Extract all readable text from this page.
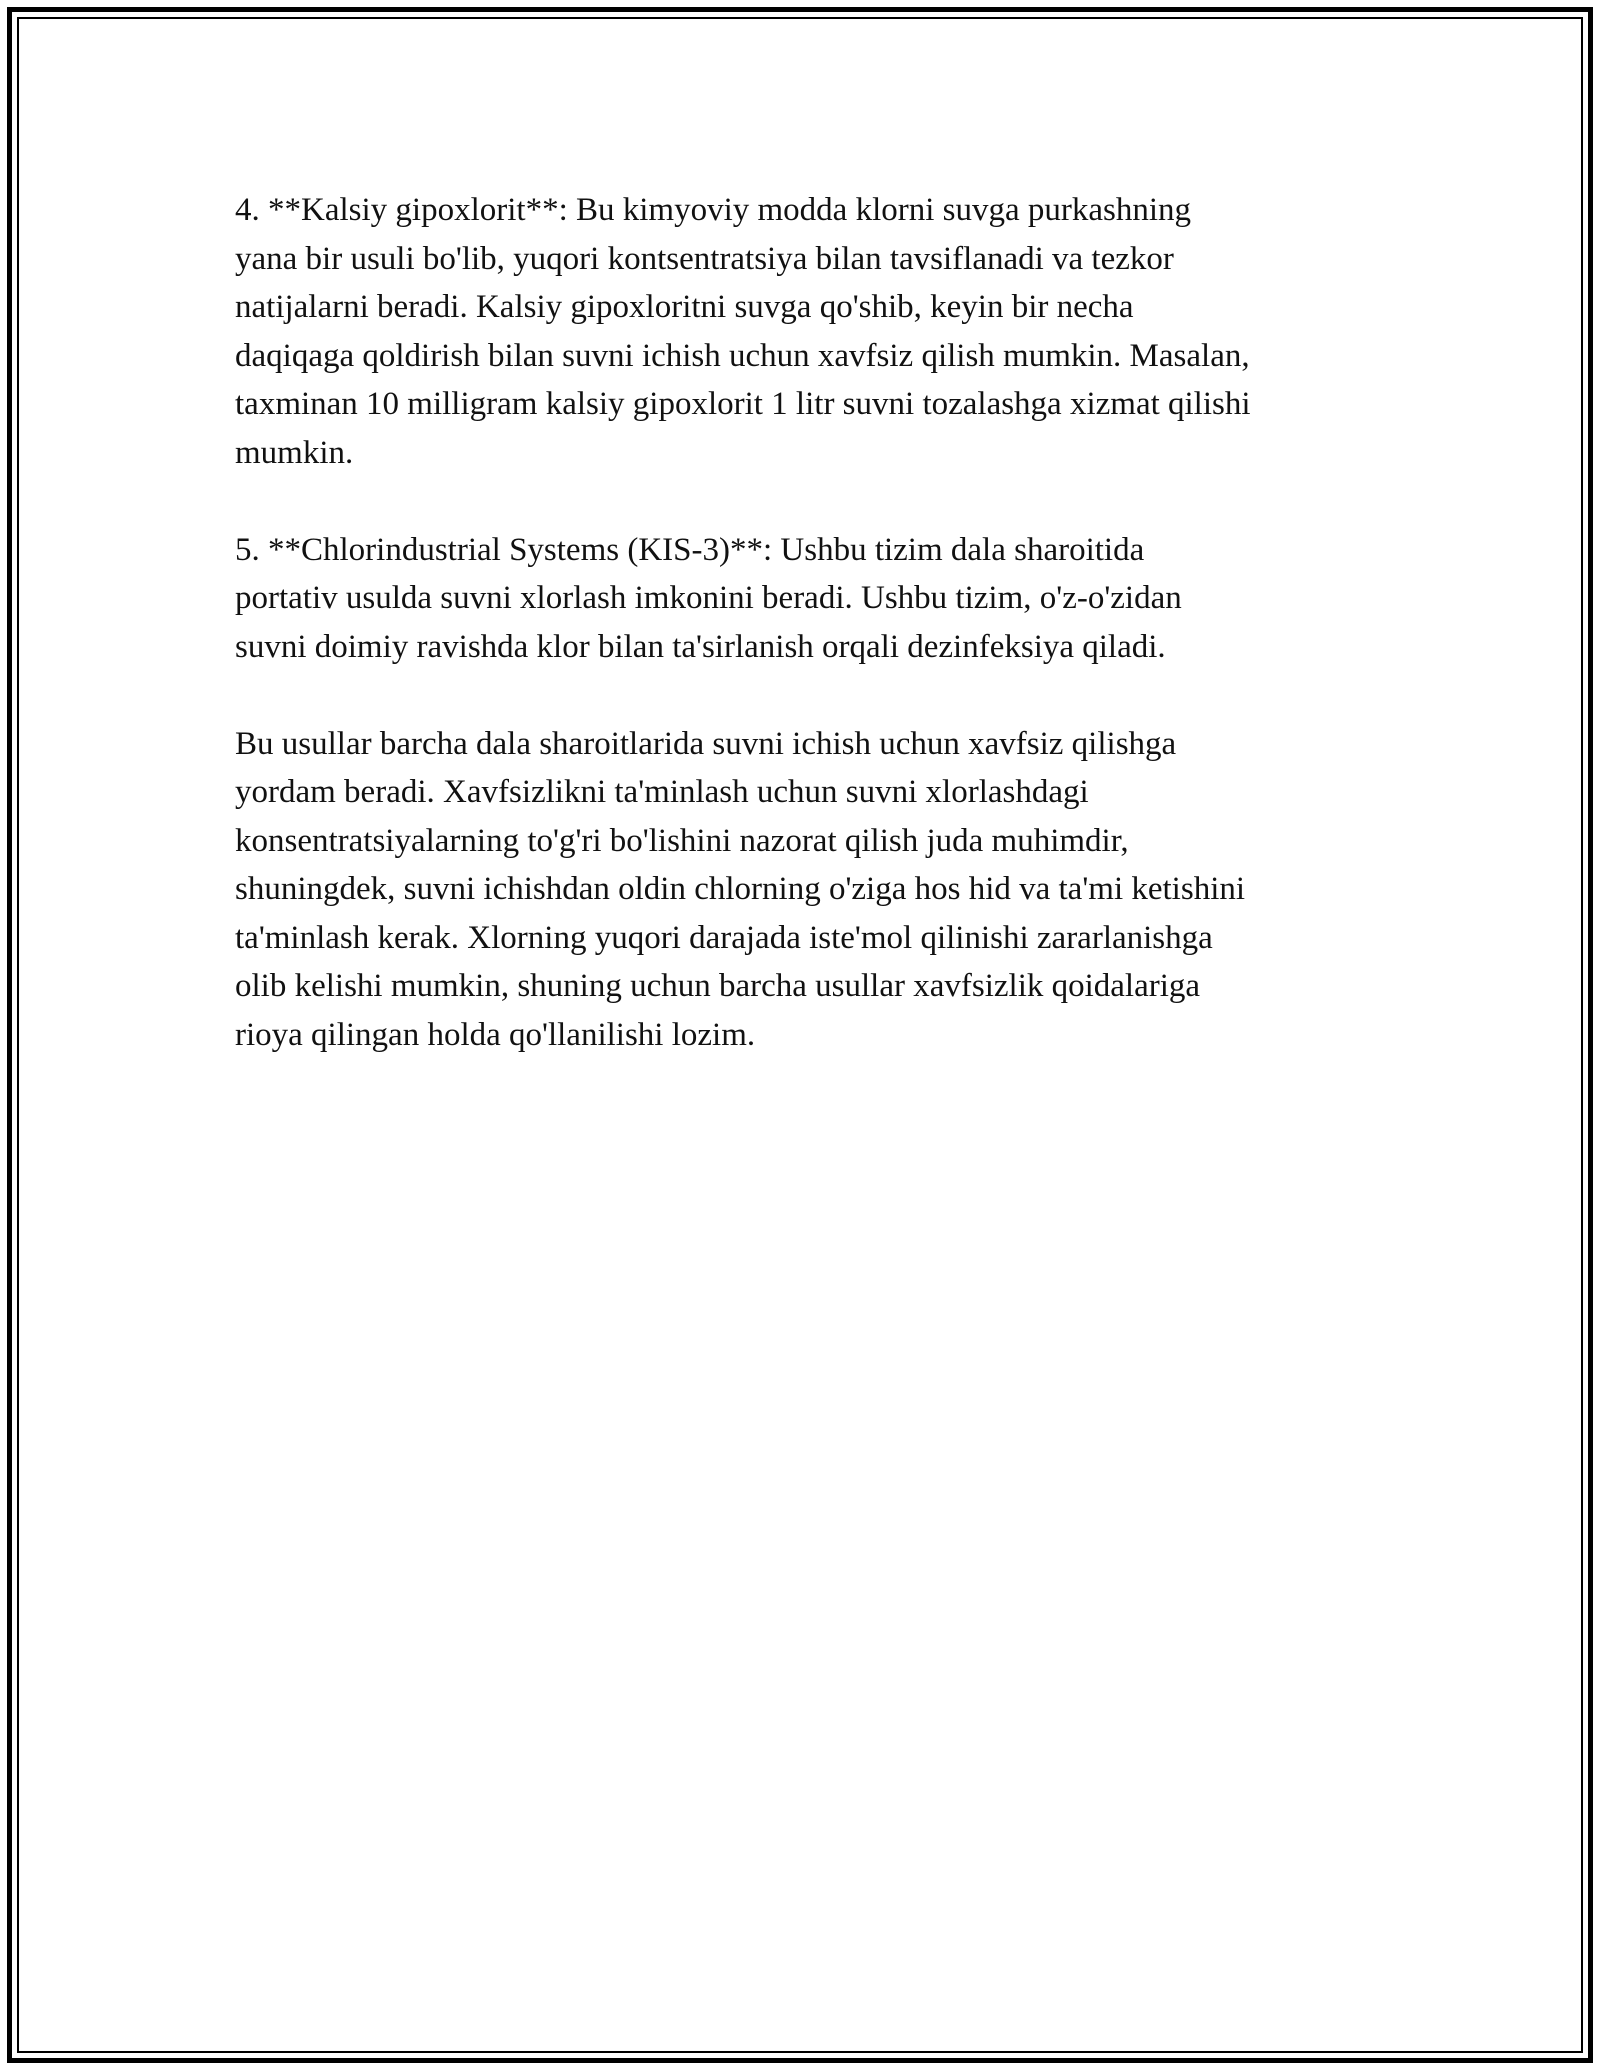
4. **Kalsiy gipoxlorit**: Bu kimyoviy modda klorni suvga purkashning
yana bir usuli bo'lib, yuqori kontsentratsiya bilan tavsiflanadi va tezkor
natijalarni beradi. Kalsiy gipoxloritni suvga qo'shib, keyin bir necha
daqiqaga qoldirish bilan suvni ichish uchun xavfsiz qilish mumkin. Masalan,
taxminan 10 milligram kalsiy gipoxlorit 1 litr suvni tozalashga xizmat qilishi
mumkin.

5. **Chlorindustrial Systems (KIS-3)**: Ushbu tizim dala sharoitida
portativ usulda suvni xlorlash imkonini beradi. Ushbu tizim, o'z-o'zidan
suvni doimiy ravishda klor bilan ta'sirlanish orqali dezinfeksiya qiladi.

Bu usullar barcha dala sharoitlarida suvni ichish uchun xavfsiz qilishga
yordam beradi. Xavfsizlikni ta'minlash uchun suvni xlorlashdagi
konsentratsiyalarning to'g'ri bo'lishini nazorat qilish juda muhimdir,
shuningdek, suvni ichishdan oldin chlorning o'ziga hos hid va ta'mi ketishini
ta'minlash kerak. Xlorning yuqori darajada iste'mol qilinishi zararlanishga
olib kelishi mumkin, shuning uchun barcha usullar xavfsizlik qoidalariga
rioya qilingan holda qo'llanilishi lozim.
